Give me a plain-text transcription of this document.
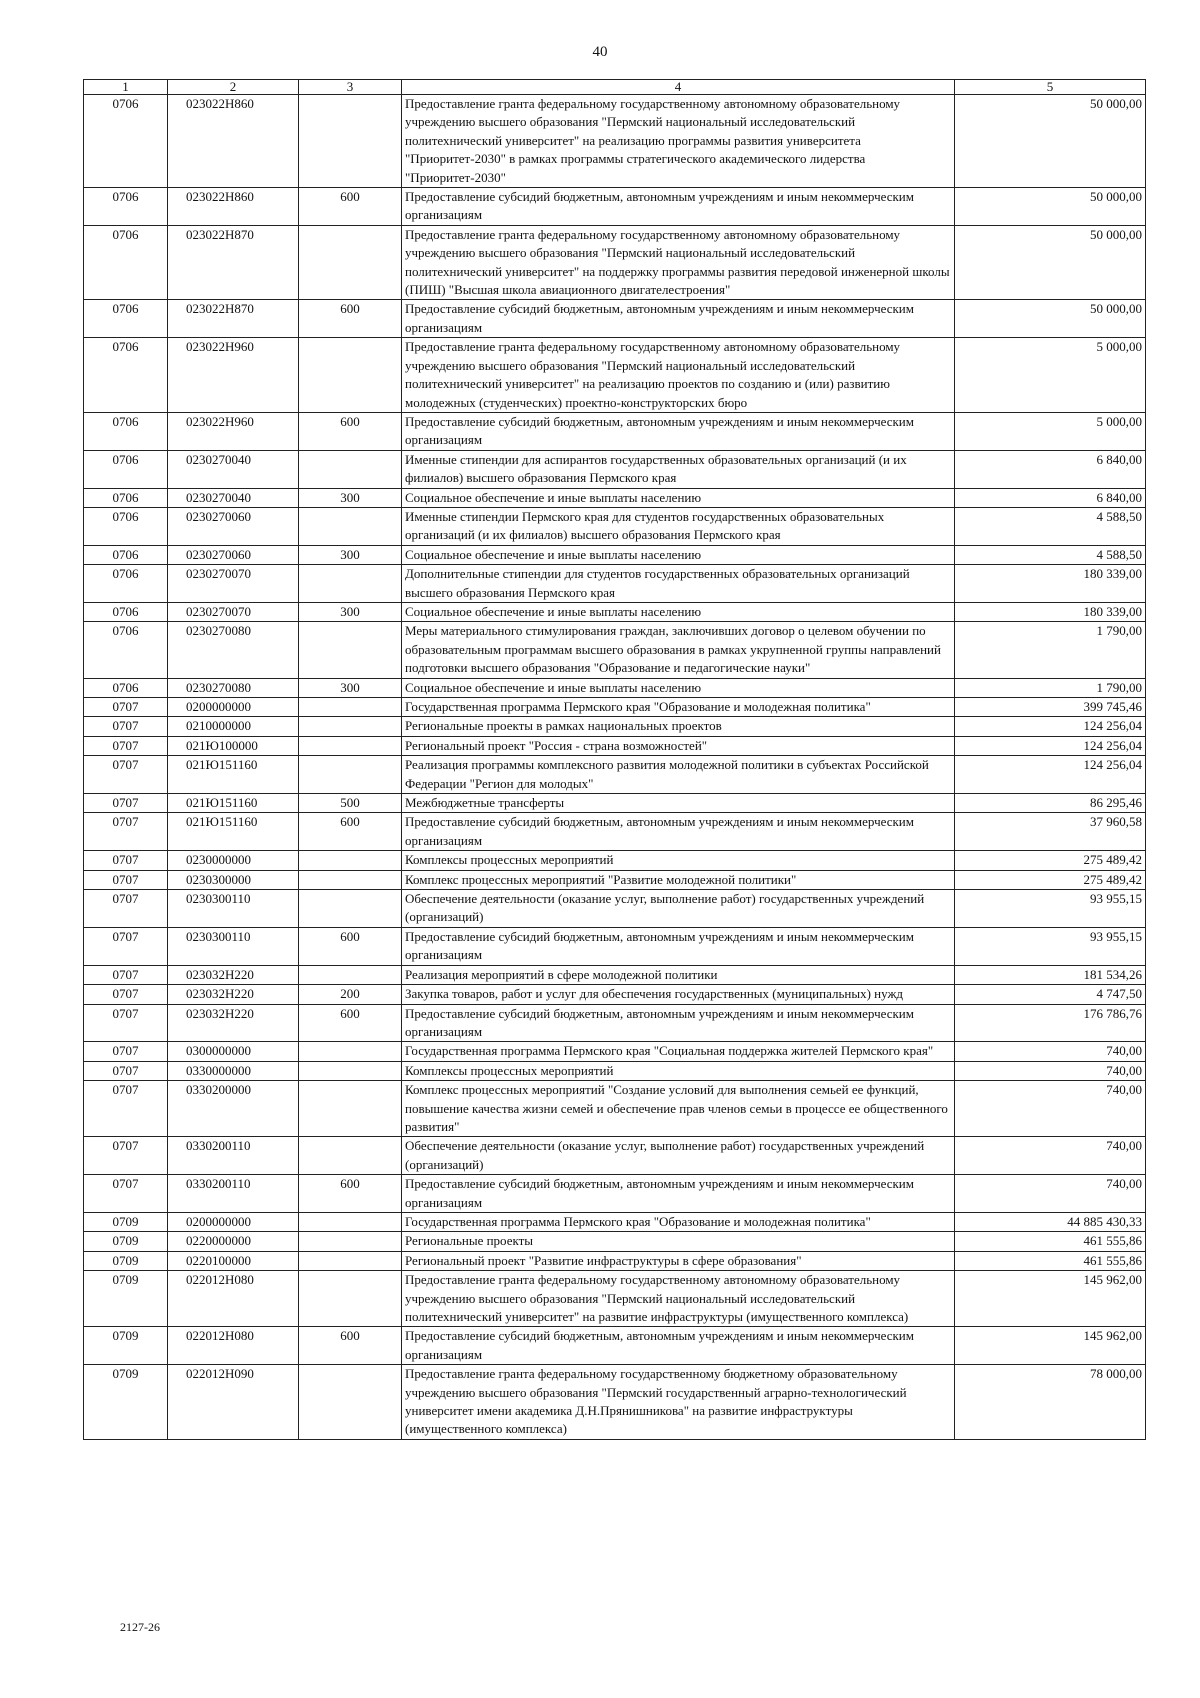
40
1	2	3	4	5
0706	023022Н860		Предоставление гранта федеральному государственному автономному образовательному учреждению высшего образования "Пермский национальный исследовательский политехнический университет" на реализацию программы развития университета "Приоритет-2030" в рамках программы стратегического академического лидерства "Приоритет-2030"	50 000,00
0706	023022Н860	600	Предоставление субсидий бюджетным, автономным учреждениям и иным некоммерческим организациям	50 000,00
0706	023022Н870		Предоставление гранта федеральному государственному автономному образовательному учреждению высшего образования "Пермский национальный исследовательский политехнический университет" на поддержку программы развития передовой инженерной школы (ПИШ) "Высшая школа авиационного двигателестроения"	50 000,00
0706	023022Н870	600	Предоставление субсидий бюджетным, автономным учреждениям и иным некоммерческим организациям	50 000,00
0706	023022Н960		Предоставление гранта федеральному государственному автономному образовательному учреждению высшего образования "Пермский национальный исследовательский политехнический университет" на реализацию проектов по созданию и (или) развитию молодежных (студенческих) проектно-конструкторских бюро	5 000,00
0706	023022Н960	600	Предоставление субсидий бюджетным, автономным учреждениям и иным некоммерческим организациям	5 000,00
0706	0230270040		Именные стипендии для аспирантов государственных образовательных организаций (и их филиалов) высшего образования Пермского края	6 840,00
0706	0230270040	300	Социальное обеспечение и иные выплаты населению	6 840,00
0706	0230270060		Именные стипендии Пермского края для студентов государственных образовательных организаций (и их филиалов) высшего образования Пермского края	4 588,50
0706	0230270060	300	Социальное обеспечение и иные выплаты населению	4 588,50
0706	0230270070		Дополнительные стипендии для студентов государственных образовательных организаций высшего образования Пермского края	180 339,00
0706	0230270070	300	Социальное обеспечение и иные выплаты населению	180 339,00
0706	0230270080		Меры материального стимулирования граждан, заключивших договор о целевом обучении по образовательным программам высшего образования в рамках укрупненной группы направлений подготовки высшего образования "Образование и педагогические науки"	1 790,00
0706	0230270080	300	Социальное обеспечение и иные выплаты населению	1 790,00
0707	0200000000		Государственная программа Пермского края "Образование и молодежная политика"	399 745,46
0707	0210000000		Региональные проекты в рамках национальных проектов	124 256,04
0707	021Ю100000		Региональный проект "Россия - страна возможностей"	124 256,04
0707	021Ю151160		Реализация программы комплексного развития молодежной политики в субъектах Российской Федерации "Регион для молодых"	124 256,04
0707	021Ю151160	500	Межбюджетные трансферты	86 295,46
0707	021Ю151160	600	Предоставление субсидий бюджетным, автономным учреждениям и иным некоммерческим организациям	37 960,58
0707	0230000000		Комплексы процессных мероприятий	275 489,42
0707	0230300000		Комплекс процессных мероприятий "Развитие молодежной политики"	275 489,42
0707	0230300110		Обеспечение деятельности (оказание услуг, выполнение работ) государственных учреждений (организаций)	93 955,15
0707	0230300110	600	Предоставление субсидий бюджетным, автономным учреждениям и иным некоммерческим организациям	93 955,15
0707	023032Н220		Реализация мероприятий в сфере молодежной политики	181 534,26
0707	023032Н220	200	Закупка товаров, работ и услуг для обеспечения государственных (муниципальных) нужд	4 747,50
0707	023032Н220	600	Предоставление субсидий бюджетным, автономным учреждениям и иным некоммерческим организациям	176 786,76
0707	0300000000		Государственная программа Пермского края "Социальная поддержка жителей Пермского края"	740,00
0707	0330000000		Комплексы процессных мероприятий	740,00
0707	0330200000		Комплекс процессных мероприятий "Создание условий для выполнения семьей ее функций, повышение качества жизни семей и обеспечение прав членов семьи в процессе ее общественного развития"	740,00
0707	0330200110		Обеспечение деятельности (оказание услуг, выполнение работ) государственных учреждений (организаций)	740,00
0707	0330200110	600	Предоставление субсидий бюджетным, автономным учреждениям и иным некоммерческим организациям	740,00
0709	0200000000		Государственная программа Пермского края "Образование и молодежная политика"	44 885 430,33
0709	0220000000		Региональные проекты	461 555,86
0709	0220100000		Региональный проект "Развитие инфраструктуры в сфере образования"	461 555,86
0709	022012Н080		Предоставление гранта федеральному государственному автономному образовательному учреждению высшего образования "Пермский национальный исследовательский политехнический университет" на развитие инфраструктуры (имущественного комплекса)	145 962,00
0709	022012Н080	600	Предоставление субсидий бюджетным, автономным учреждениям и иным некоммерческим организациям	145 962,00
0709	022012Н090		Предоставление гранта федеральному государственному бюджетному образовательному учреждению высшего образования "Пермский государственный аграрно-технологический университет имени академика Д.Н.Прянишникова" на развитие инфраструктуры (имущественного комплекса)	78 000,00
2127-26
